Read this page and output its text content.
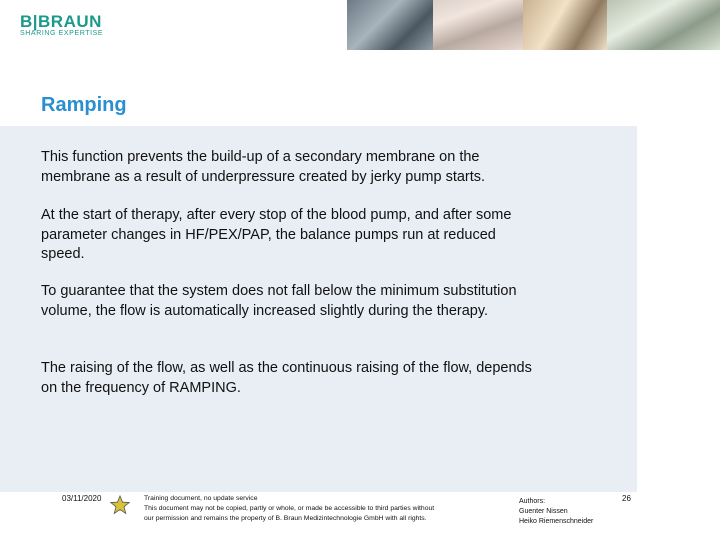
B|BRAUN
SHARING EXPERTISE
Ramping
This function prevents the build-up of a secondary membrane on the membrane as a result of underpressure created by jerky pump starts.
At the start of therapy, after every stop of the blood pump, and after some parameter changes in HF/PEX/PAP, the balance pumps run at reduced speed.
To guarantee that the system does not fall below the minimum substitution volume, the flow is automatically increased slightly during the therapy.
The raising of the flow, as well as the continuous raising of the flow, depends on the frequency of RAMPING.
03/11/2020	Training document, no update service
This document may not be copied, partly or whole, or made be accessible to third parties without
our permission and remains the property of B. Braun Medizintechnologie GmbH with all rights.
Authors:
Guenter Nissen
Heiko Riemenschneider
26
